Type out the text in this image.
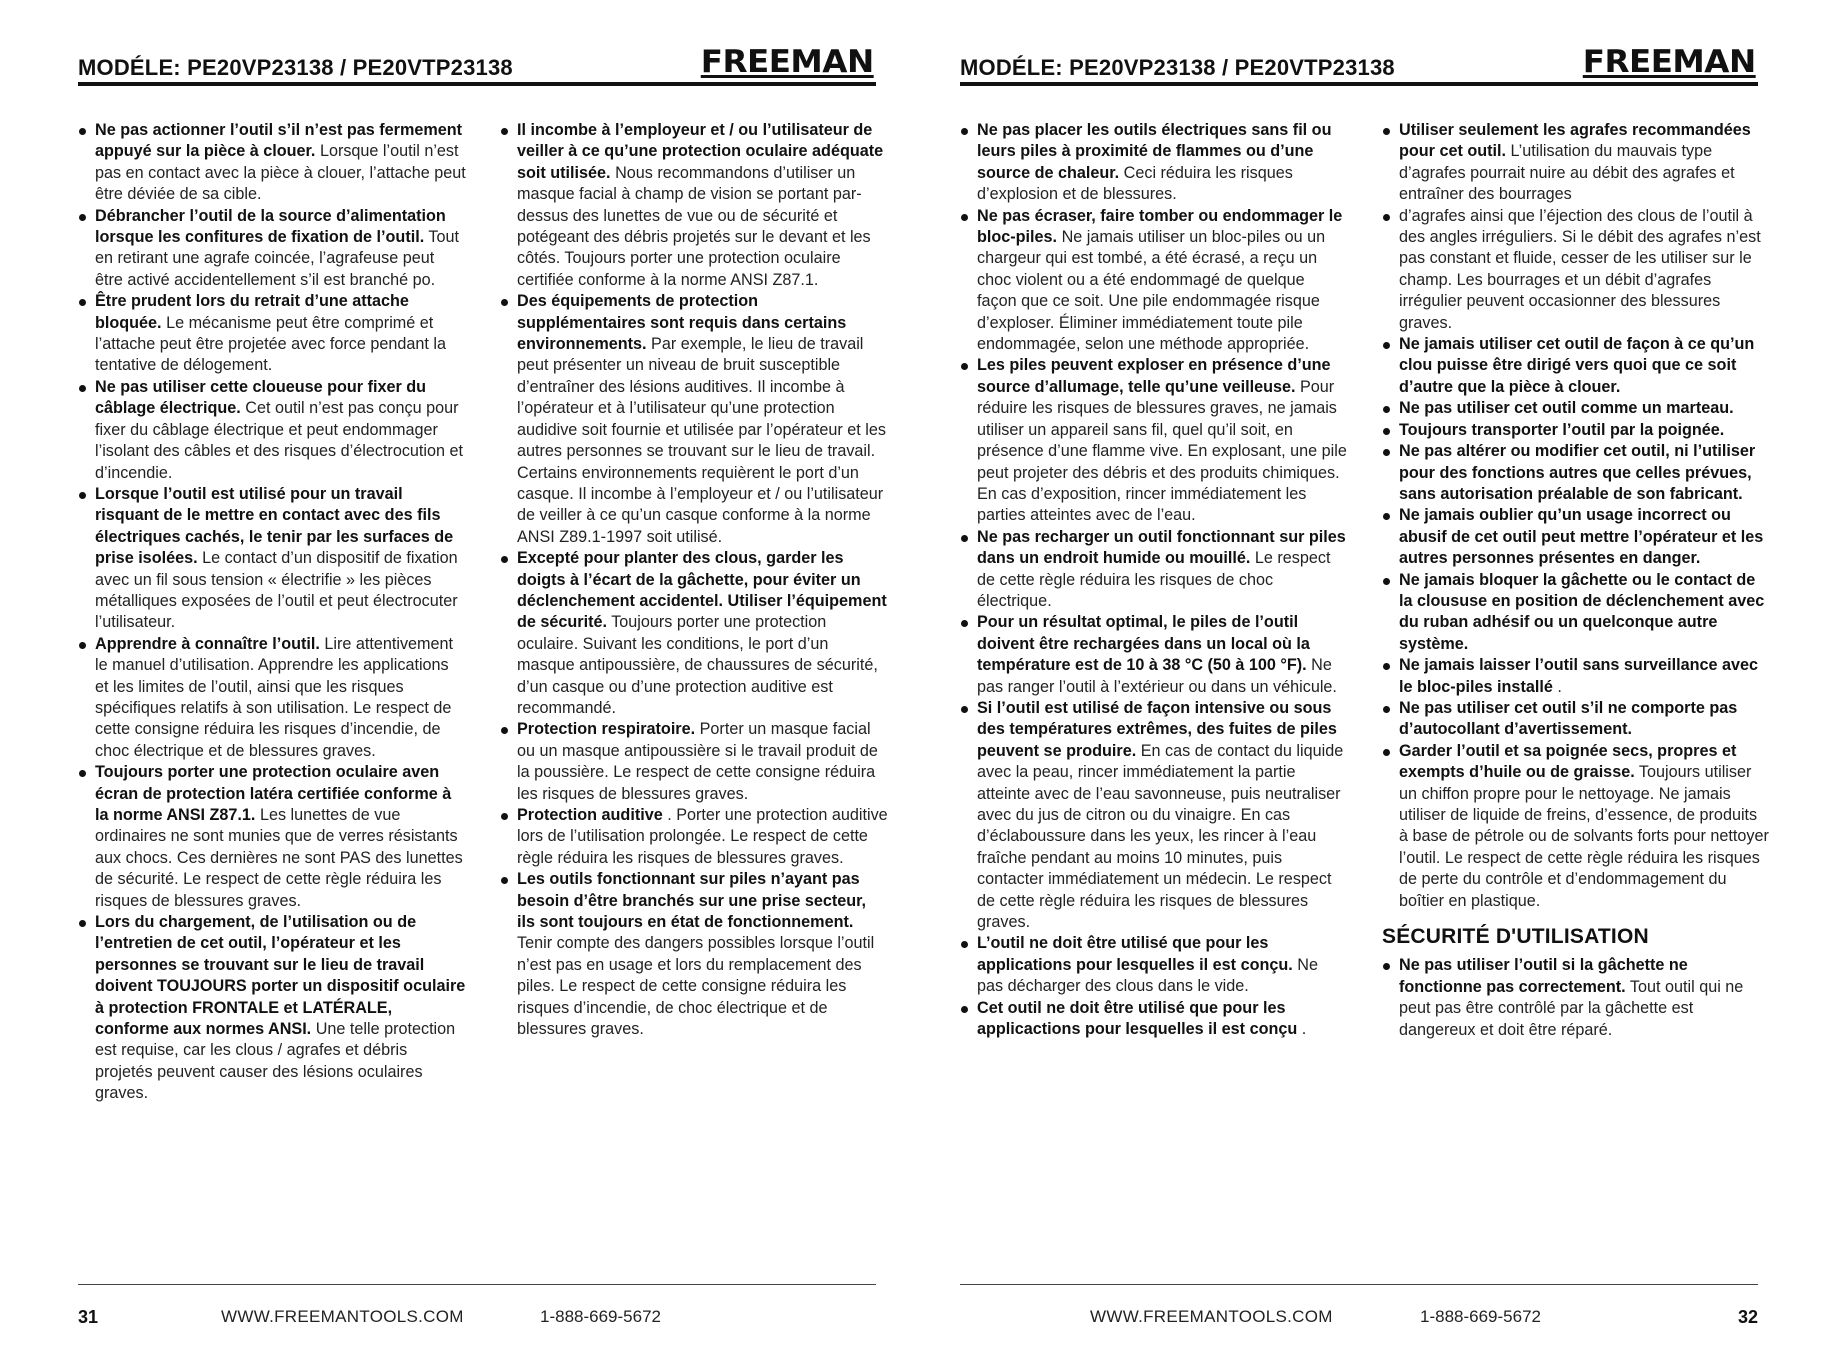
MODÉLE: PE20VP23138 / PE20VTP23138	FREEMAN
Ne pas actionner l’outil s’il n’est pas fermement appuyé sur la pièce à clouer. Lorsque l’outil n’est pas en contact avec la pièce à clouer, l’attache peut être déviée de sa cible.
Débrancher l’outil de la source d’alimentation lorsque les confitures de fixation de l’outil. Tout en retirant une agrafe coincée, l’agrafeuse peut être activé accidentellement s’il est branché po.
Être prudent lors du retrait d’une attache bloquée. Le mécanisme peut être comprimé et l’attache peut être projetée avec force pendant la tentative de délogement.
Ne pas utiliser cette cloueuse pour fixer du câblage électrique. Cet outil n’est pas conçu pour fixer du câblage électrique et peut endommager l’isolant des câbles et des risques d’électrocution et d’incendie.
Lorsque l’outil est utilisé pour un travail risquant de le mettre en contact avec des fils électriques cachés, le tenir par les surfaces de prise isolées. Le contact d’un dispositif de fixation avec un fil sous tension « électrifie » les pièces métalliques exposées de l’outil et peut électrocuter l’utilisateur.
Apprendre à connaître l’outil. Lire attentivement le manuel d’utilisation. Apprendre les applications et les limites de l’outil, ainsi que les risques spécifiques relatifs à son utilisation. Le respect de cette consigne réduira les risques d’incendie, de choc électrique et de blessures graves.
Toujours porter une protection oculaire aven écran de protection latéra certifiée conforme à la norme ANSI Z87.1. Les lunettes de vue ordinaires ne sont munies que de verres résistants aux chocs. Ces dernières ne sont PAS des lunettes de sécurité. Le respect de cette règle réduira les risques de blessures graves.
Lors du chargement, de l’utilisation ou de l’entretien de cet outil, l’opérateur et les personnes se trouvant sur le lieu de travail doivent TOUJOURS porter un dispositif oculaire à protection FRONTALE et LATÉRALE, conforme aux normes ANSI. Une telle protection est requise, car les clous / agrafes et débris projetés peuvent causer des lésions oculaires graves.
Il incombe à l’employeur et / ou l’utilisateur de veiller à ce qu’une protection oculaire adéquate soit utilisée. Nous recommandons d’utiliser un masque facial à champ de vision se portant par-dessus des lunettes de vue ou de sécurité et potégeant des débris projetés sur le devant et les côtés. Toujours porter une protection oculaire certifiée conforme à la norme ANSI Z87.1.
Des équipements de protection supplémentaires sont requis dans certains environnements. Par exemple, le lieu de travail peut présenter un niveau de bruit susceptible d’entraîner des lésions auditives. Il incombe à l’opérateur et à l’utilisateur qu’une protection audidive soit fournie et utilisée par l’opérateur et les autres personnes se trouvant sur le lieu de travail. Certains environnements requièrent le port d’un casque. Il incombe à l’employeur et / ou l’utilisateur de veiller à ce qu’un casque conforme à la norme ANSI Z89.1-1997 soit utilisé.
Excepté pour planter des clous, garder les doigts à l’écart de la gâchette, pour éviter un déclenchement accidentel. Utiliser l’équipement de sécurité. Toujours porter une protection oculaire. Suivant les conditions, le port d’un masque antipoussière, de chaussures de sécurité, d’un casque ou d’une protection auditive est recommandé.
Protection respiratoire. Porter un masque facial ou un masque antipoussière si le travail produit de la poussière. Le respect de cette consigne réduira les risques de blessures graves.
Protection auditive . Porter une protection auditive lors de l’utilisation prolongée. Le respect de cette règle réduira les risques de blessures graves.
Les outils fonctionnant sur piles n’ayant pas besoin d’être branchés sur une prise secteur, ils sont toujours en état de fonctionnement. Tenir compte des dangers possibles lorsque l’outil n’est pas en usage et lors du remplacement des piles. Le respect de cette consigne réduira les risques d’incendie, de choc électrique et de blessures graves.
31	WWW.FREEMANTOOLS.COM	1-888-669-5672
MODÉLE: PE20VP23138 / PE20VTP23138	FREEMAN
Ne pas placer les outils électriques sans fil ou leurs piles à proximité de flammes ou d’une source de chaleur. Ceci réduira les risques d’explosion et de blessures.
Ne pas écraser, faire tomber ou endommager le bloc-piles. Ne jamais utiliser un bloc-piles ou un chargeur qui est tombé, a été écrasé, a reçu un choc violent ou a été endommagé de quelque façon que ce soit. Une pile endommagée risque d’exploser. Éliminer immédiatement toute pile endommagée, selon une méthode appropriée.
Les piles peuvent exploser en présence d’une source d’allumage, telle qu’une veilleuse. Pour réduire les risques de blessures graves, ne jamais utiliser un appareil sans fil, quel qu’il soit, en présence d’une flamme vive. En explosant, une pile peut projeter des débris et des produits chimiques. En cas d’exposition, rincer immédiatement les parties atteintes avec de l’eau.
Ne pas recharger un outil fonctionnant sur piles dans un endroit humide ou mouillé. Le respect de cette règle réduira les risques de choc électrique.
Pour un résultat optimal, le piles de l’outil doivent être rechargées dans un local où la température est de 10 à 38 °C (50 à 100 °F). Ne pas ranger l’outil à l’extérieur ou dans un véhicule.
Si l’outil est utilisé de façon intensive ou sous des températures extrêmes, des fuites de piles peuvent se produire. En cas de contact du liquide avec la peau, rincer immédiatement la partie atteinte avec de l’eau savonneuse, puis neutraliser avec du jus de citron ou du vinaigre. En cas d’éclaboussure dans les yeux, les rincer à l’eau fraîche pendant au moins 10 minutes, puis contacter immédiatement un médecin. Le respect de cette règle réduira les risques de blessures graves.
L’outil ne doit être utilisé que pour les applications pour lesquelles il est conçu. Ne pas décharger des clous dans le vide.
Cet outil ne doit être utilisé que pour les applicactions pour lesquelles il est conçu .
Utiliser seulement les agrafes recommandées pour cet outil. L’utilisation du mauvais type d’agrafes pourrait nuire au débit des agrafes et entraîner des bourrages
d’agrafes ainsi que l’éjection des clous de l’outil à des angles irréguliers. Si le débit des agrafes n’est pas constant et fluide, cesser de les utiliser sur le champ. Les bourrages et un débit d’agrafes irrégulier peuvent occasionner des blessures graves.
Ne jamais utiliser cet outil de façon à ce qu’un clou puisse être dirigé vers quoi que ce soit d’autre que la pièce à clouer.
Ne pas utiliser cet outil comme un marteau.
Toujours transporter l’outil par la poignée.
Ne pas altérer ou modifier cet outil, ni l’utiliser pour des fonctions autres que celles prévues, sans autorisation préalable de son fabricant.
Ne jamais oublier qu’un usage incorrect ou abusif de cet outil peut mettre l’opérateur et les autres personnes présentes en danger.
Ne jamais bloquer la gâchette ou le contact de la cloususe en position de déclenchement avec du ruban adhésif ou un quelconque autre système.
Ne jamais laisser l’outil sans surveillance avec le bloc-piles installé .
Ne pas utiliser cet outil s’il ne comporte pas d’autocollant d’avertissement.
Garder l’outil et sa poignée secs, propres et exempts d’huile ou de graisse. Toujours utiliser un chiffon propre pour le nettoyage. Ne jamais utiliser de liquide de freins, d’essence, de produits à base de pétrole ou de solvants forts pour nettoyer l’outil. Le respect de cette règle réduira les risques de perte du contrôle et d’endommagement du boîtier en plastique.
SÉCURITÉ D'UTILISATION
Ne pas utiliser l’outil si la gâchette ne fonctionne pas correctement. Tout outil qui ne peut pas être contrôlé par la gâchette est dangereux et doit être réparé.
WWW.FREEMANTOOLS.COM	1-888-669-5672	32
